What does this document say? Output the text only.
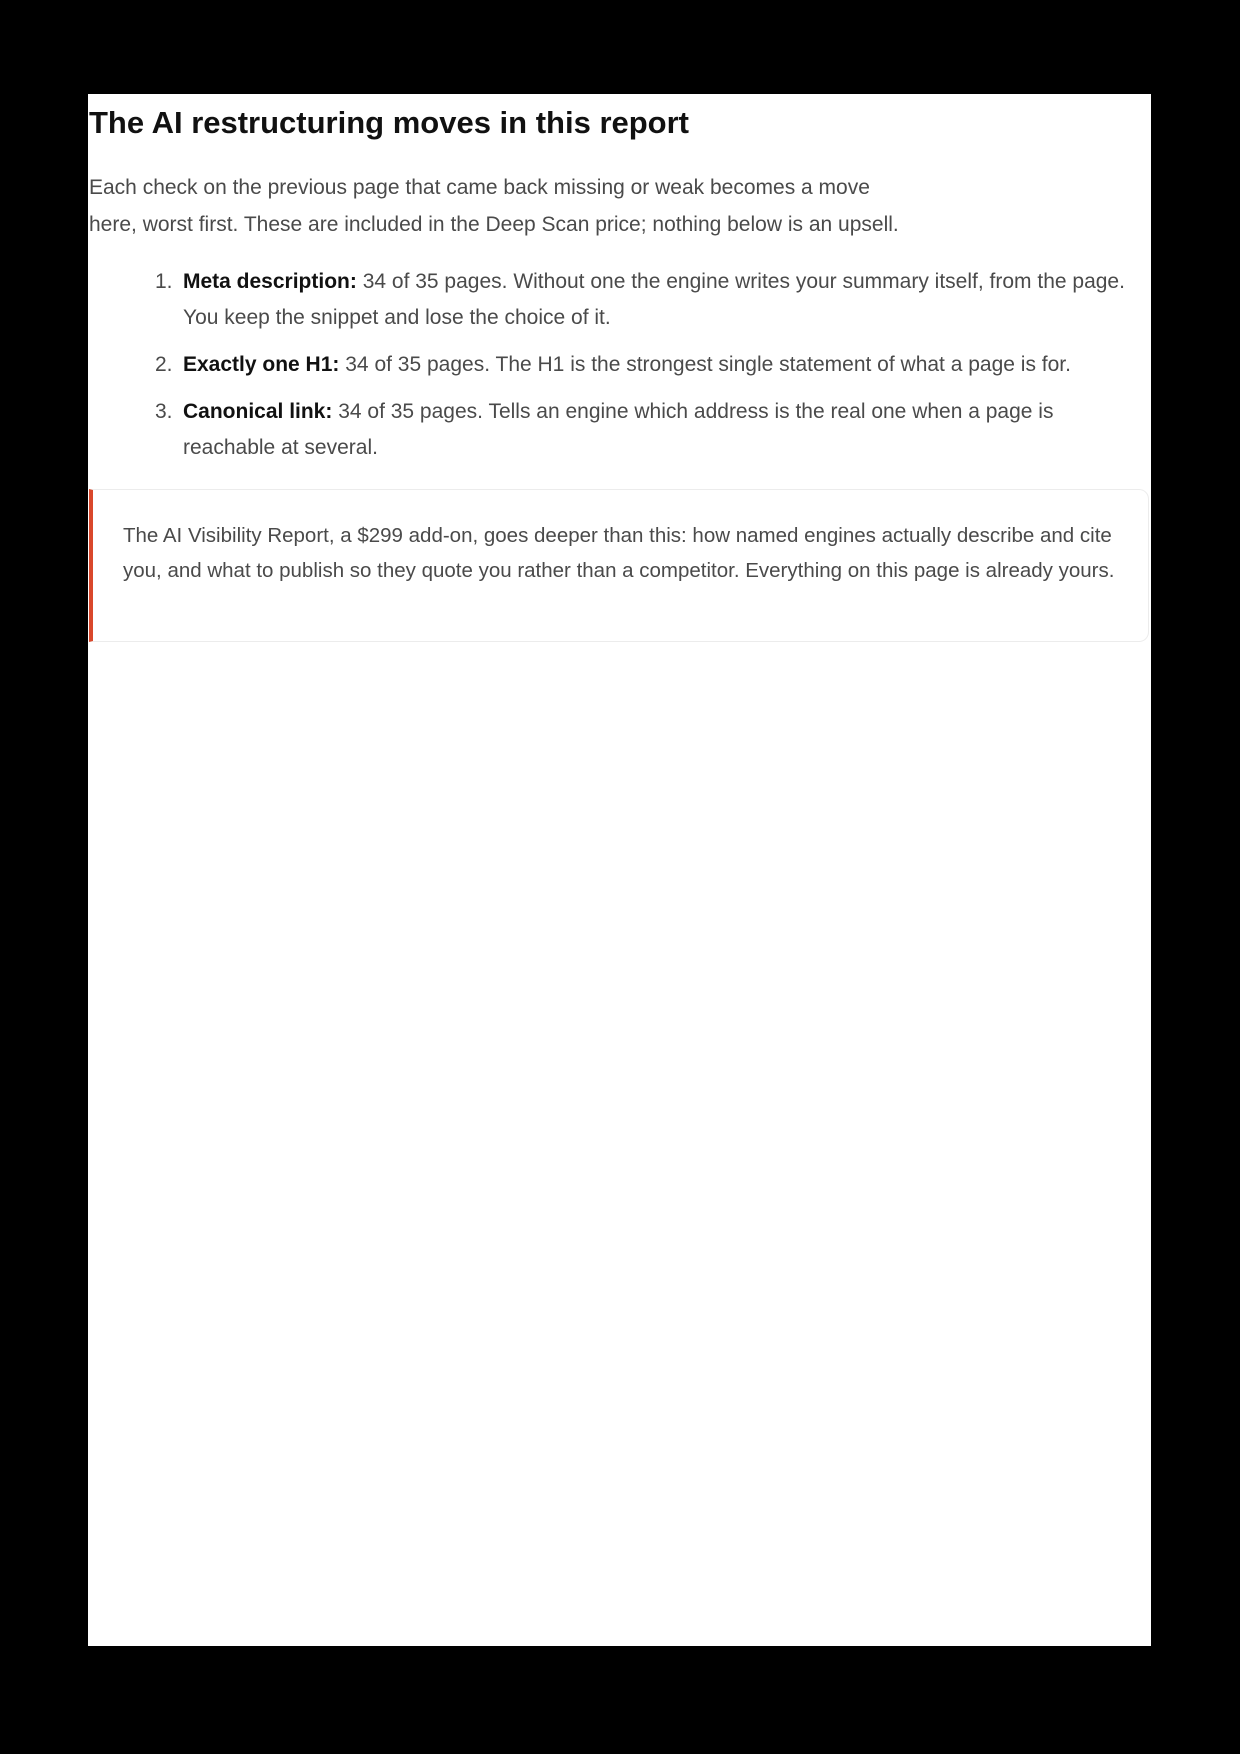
The AI restructuring moves in this report

Each check on the previous page that came back missing or weak becomes a move
here, worst first. These are included in the Deep Scan price; nothing below is an upsell.

1. Meta description: 34 of 35 pages. Without one the engine writes your summary itself, from the page. You keep the snippet and lose the choice of it.
2. Exactly one H1: 34 of 35 pages. The H1 is the strongest single statement of what a page is for.
3. Canonical link: 34 of 35 pages. Tells an engine which address is the real one when a page is reachable at several.
The AI Visibility Report, a $299 add-on, goes deeper than this: how named engines actually describe and cite you, and what to publish so they quote you rather than a competitor. Everything on this page is already yours.
